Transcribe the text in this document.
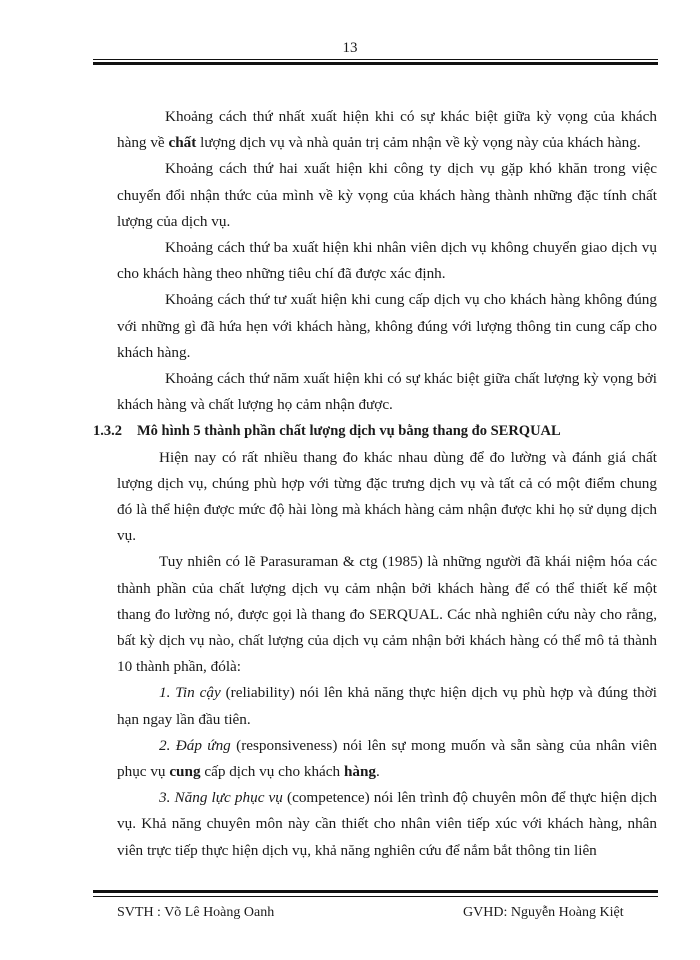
13

Khoảng cách thứ nhất xuất hiện khi có sự khác biệt giữa kỳ vọng của khách hàng về chất lượng dịch vụ và nhà quản trị cảm nhận về kỳ vọng này của khách hàng.

Khoảng cách thứ hai xuất hiện khi công ty dịch vụ gặp khó khăn trong việc chuyển đổi nhận thức của mình về kỳ vọng của khách hàng thành những đặc tính chất lượng của dịch vụ.

Khoảng cách thứ ba xuất hiện khi nhân viên dịch vụ không chuyển giao dịch vụ cho khách hàng theo những tiêu chí đã được xác định.

Khoảng cách thứ tư xuất hiện khi cung cấp dịch vụ cho khách hàng không đúng với những gì đã hứa hẹn với khách hàng, không đúng với lượng thông tin cung cấp cho khách hàng.

Khoảng cách thứ năm xuất hiện khi có sự khác biệt giữa chất lượng kỳ vọng bởi khách hàng và chất lượng họ cảm nhận được.

1.3.2 Mô hình 5 thành phần chất lượng dịch vụ bằng thang đo SERQUAL

Hiện nay có rất nhiều thang đo khác nhau dùng để đo lường và đánh giá chất lượng dịch vụ, chúng phù hợp với từng đặc trưng dịch vụ và tất cả có một điểm chung đó là thể hiện được mức độ hài lòng mà khách hàng cảm nhận được khi họ sử dụng dịch vụ.

Tuy nhiên có lẽ Parasuraman & ctg (1985) là những người đã khái niệm hóa các thành phần của chất lượng dịch vụ cảm nhận bởi khách hàng để có thể thiết kế một thang đo lường nó, được gọi là thang đo SERQUAL. Các nhà nghiên cứu này cho rằng, bất kỳ dịch vụ nào, chất lượng của dịch vụ cảm nhận bởi khách hàng có thể mô tả thành 10 thành phần, đólà:

1. Tin cậy (reliability) nói lên khả năng thực hiện dịch vụ phù hợp và đúng thời hạn ngay lần đầu tiên.

2. Đáp ứng (responsiveness) nói lên sự mong muốn và sẵn sàng của nhân viên phục vụ cung cấp dịch vụ cho khách hàng.

3. Năng lực phục vụ (competence) nói lên trình độ chuyên môn để thực hiện dịch vụ. Khả năng chuyên môn này cần thiết cho nhân viên tiếp xúc với khách hàng, nhân viên trực tiếp thực hiện dịch vụ, khả năng nghiên cứu để nắm bắt thông tin liên

SVTH : Võ Lê Hoàng Oanh	GVHD: Nguyễn Hoàng Kiệt
